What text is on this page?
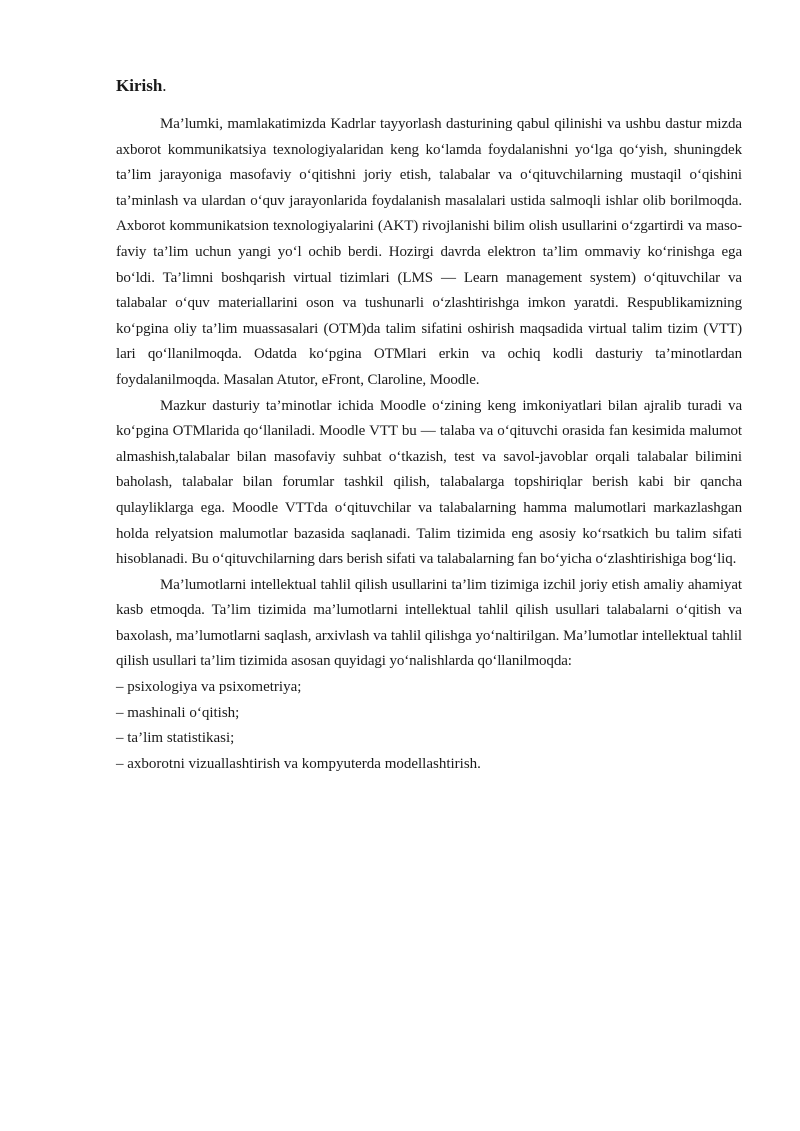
Kirish.

Ma’lumki, mamlakatimizda Kadrlar tayyorlash dasturining qabul qilinishi va ushbu dastur mizda axborot kommunikatsiya texnologiyalaridan keng ko‘lamda foydalanishni yo‘lga qo‘yish, shuningdek ta’lim jarayoniga masofaviy o‘qitishni joriy etish, talabalar va o‘qituvchilarning mustaqil o‘qishini ta’minlash va ulardan o‘quv jarayonlarida foydalanish masalalari ustida salmoqli ishlar olib borilmoqda. Axborot kommunikatsion texnologiyalarini (AKT) rivojlanishi bilim olish usullarini o‘zgartirdi va maso- faviy ta’lim uchun yangi yo‘l ochib berdi. Hozirgi davrda elektron ta’lim ommaviy ko‘rinishga ega bo‘ldi. Ta’limni boshqarish virtual tizimlari (LMS — Learn management system) o‘qituvchilar va talabalar o‘quv materiallarini oson va tushunarli o‘zlashtirishga imkon yaratdi. Respublikamizning ko‘pgina oliy ta’lim muassasalari (OTM)da talim sifatini oshirish maqsadida virtual talim tizim (VTT) lari qo‘llanilmoqda. Odatda ko‘pgina OTMlari erkin va ochiq kodli dasturiy ta’minotlardan foydalanilmoqda. Masalan Atutor, eFront, Claroline, Moodle.

Mazkur dasturiy ta’minotlar ichida Moodle o‘zining keng imkoniyatlari bilan ajralib turadi va ko‘pgina OTMlarida qo‘llaniladi. Moodle VTT bu — talaba va o‘qituvchi orasida fan kesimida malumot almashish,talabalar bilan masofaviy suhbat o‘tkazish, test va savol-javoblar orqali talabalar bilimini baholash, talabalar bilan forumlar tashkil qilish, talabalarga topshiriqlar berish kabi bir qancha qulayliklarga ega. Moodle VTTda o‘qituvchilar va talabalarning hamma malumotlari markazlashgan holda relyatsion malumotlar bazasida saqlanadi. Talim tizimida eng asosiy ko‘rsatkich bu talim sifati hisoblanadi. Bu o‘qituvchilarning dars berish sifati va talabalarning fan bo‘yicha o‘zlashtirishiga bog‘liq.

Ma’lumotlarni intellektual tahlil qilish usullarini ta’lim tizimiga izchil joriy etish amaliy ahamiyat kasb etmoqda. Ta’lim tizimida ma’lumotlarni intellektual tahlil qilish usullari talabalarni o‘qitish va baxolash, ma’lumotlarni saqlash, arxivlash va tahlil qilishga yo‘naltirilgan. Ma’lumotlar intellektual tahlil qilish usullari ta’lim tizimida asosan quyidagi yo‘nalishlarda qo‘llanilmoqda:

– psixologiya va psixometriya;
– mashinali o‘qitish;
– ta’lim statistikasi;
– axborotni vizuallashtirish va kompyuterda modellashtirish.
